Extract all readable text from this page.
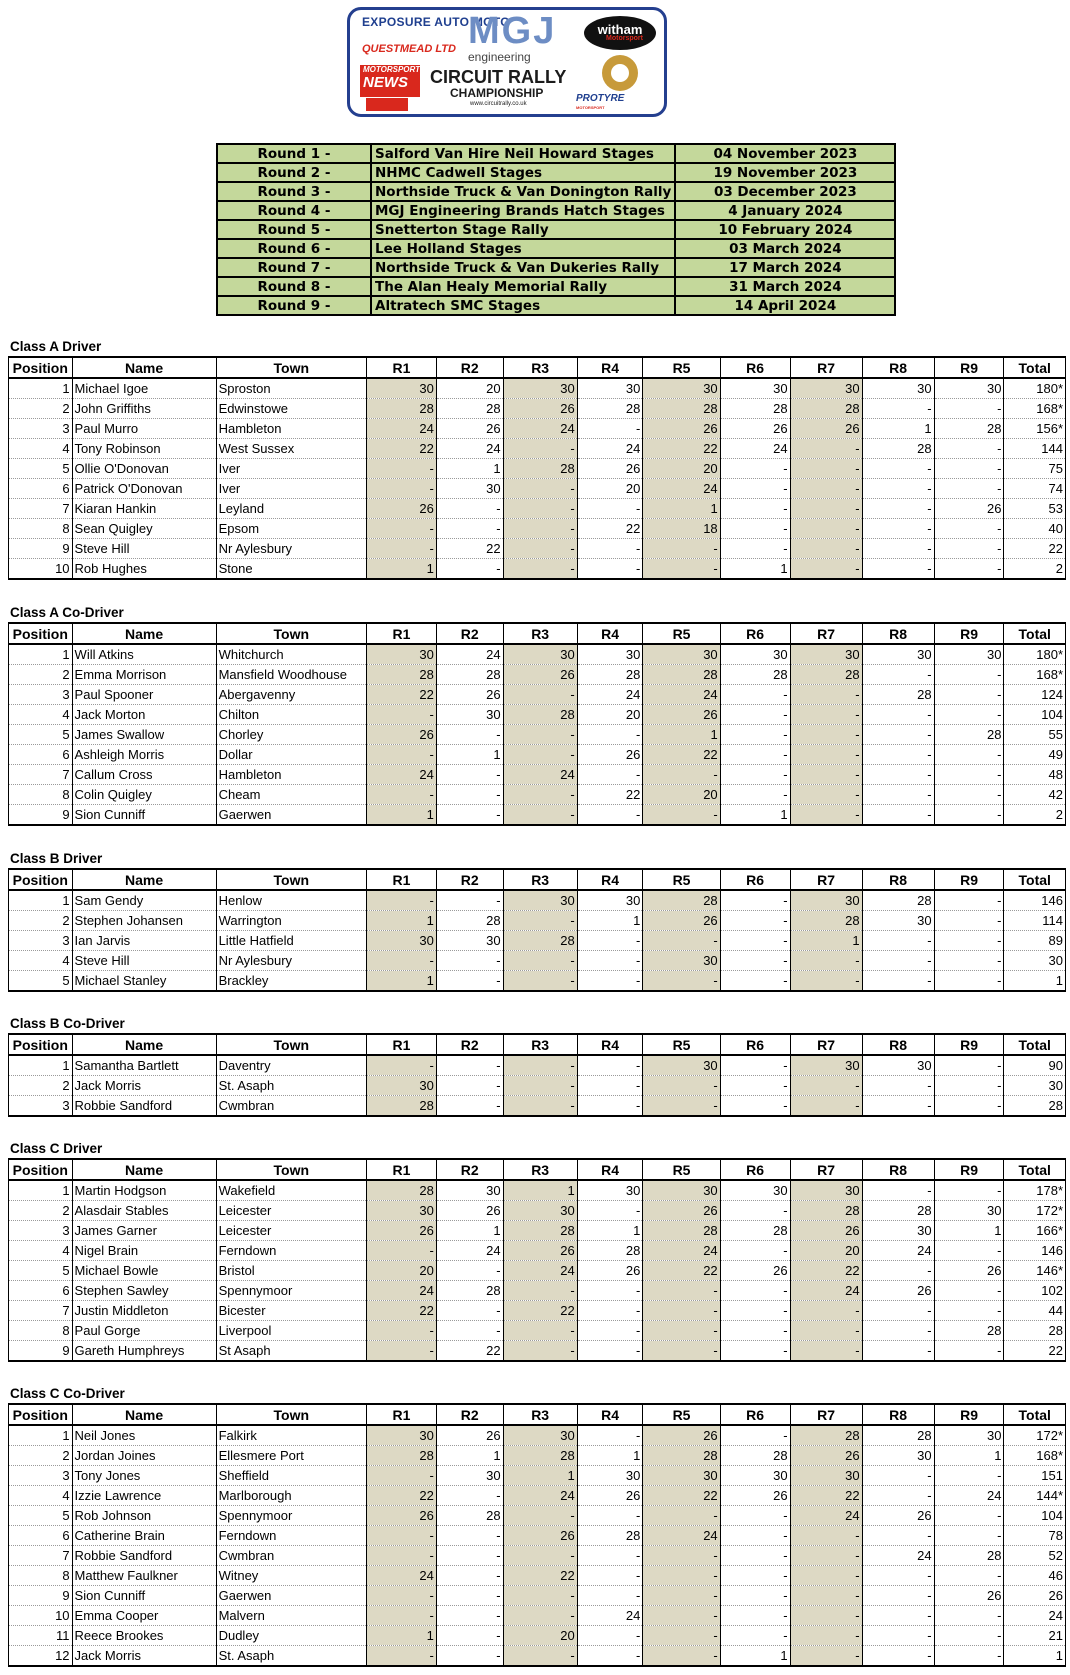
EXPOSURE AUTO MOTO
QUESTMEAD LTD
MOTORSPORT
NEWS
MGJ
engineering
CIRCUIT RALLY
CHAMPIONSHIP
www.circuitrally.co.uk
witham
Motorsport
PROTYRE
MOTORSPORT
Round 1 -	Salford Van Hire Neil Howard Stages	04 November 2023
Round 2 -	NHMC Cadwell Stages	19 November 2023
Round 3 -	Northside Truck & Van Donington Rally	03 December 2023
Round 4 -	MGJ Engineering Brands Hatch Stages	4 January 2024
Round 5 -	Snetterton Stage Rally	10 February 2024
Round 6 -	Lee Holland Stages	03 March 2024
Round 7 -	Northside Truck & Van Dukeries Rally	17 March 2024
Round 8 -	The Alan Healy Memorial Rally	31 March 2024
Round 9 -	Altratech SMC Stages	14 April 2024
Class A Driver
Position	Name	Town	R1	R2	R3	R4	R5	R6	R7	R8	R9	Total
1	Michael Igoe	Sproston	30	20	30	30	30	30	30	30	30	180*
2	John Griffiths	Edwinstowe	28	28	26	28	28	28	28	-	-	168*
3	Paul Murro	Hambleton	24	26	24	-	26	26	26	1	28	156*
4	Tony Robinson	West Sussex	22	24	-	24	22	24	-	28	-	144
5	Ollie O'Donovan	Iver	-	1	28	26	20	-	-	-	-	75
6	Patrick O'Donovan	Iver	-	30	-	20	24	-	-	-	-	74
7	Kiaran Hankin	Leyland	26	-	-	-	1	-	-	-	26	53
8	Sean Quigley	Epsom	-	-	-	22	18	-	-	-	-	40
9	Steve Hill	Nr Aylesbury	-	22	-	-	-	-	-	-	-	22
10	Rob Hughes	Stone	1	-	-	-	-	1	-	-	-	2
Class A Co-Driver
Position	Name	Town	R1	R2	R3	R4	R5	R6	R7	R8	R9	Total
1	Will Atkins	Whitchurch	30	24	30	30	30	30	30	30	30	180*
2	Emma Morrison	Mansfield Woodhouse	28	28	26	28	28	28	28	-	-	168*
3	Paul Spooner	Abergavenny	22	26	-	24	24	-	-	28	-	124
4	Jack Morton	Chilton	-	30	28	20	26	-	-	-	-	104
5	James Swallow	Chorley	26	-	-	-	1	-	-	-	28	55
6	Ashleigh Morris	Dollar	-	1	-	26	22	-	-	-	-	49
7	Callum Cross	Hambleton	24	-	24	-	-	-	-	-	-	48
8	Colin Quigley	Cheam	-	-	-	22	20	-	-	-	-	42
9	Sion Cunniff	Gaerwen	1	-	-	-	-	1	-	-	-	2
Class B Driver
Position	Name	Town	R1	R2	R3	R4	R5	R6	R7	R8	R9	Total
1	Sam Gendy	Henlow	-	-	30	30	28	-	30	28	-	146
2	Stephen Johansen	Warrington	1	28	-	1	26	-	28	30	-	114
3	Ian Jarvis	Little Hatfield	30	30	28	-	-	-	1	-	-	89
4	Steve Hill	Nr Aylesbury	-	-	-	-	30	-	-	-	-	30
5	Michael Stanley	Brackley	1	-	-	-	-	-	-	-	-	1
Class B Co-Driver
Position	Name	Town	R1	R2	R3	R4	R5	R6	R7	R8	R9	Total
1	Samantha Bartlett	Daventry	-	-	-	-	30	-	30	30	-	90
2	Jack Morris	St. Asaph	30	-	-	-	-	-	-	-	-	30
3	Robbie Sandford	Cwmbran	28	-	-	-	-	-	-	-	-	28
Class C Driver
Position	Name	Town	R1	R2	R3	R4	R5	R6	R7	R8	R9	Total
1	Martin Hodgson	Wakefield	28	30	1	30	30	30	30	-	-	178*
2	Alasdair Stables	Leicester	30	26	30	-	26	-	28	28	30	172*
3	James Garner	Leicester	26	1	28	1	28	28	26	30	1	166*
4	Nigel Brain	Ferndown	-	24	26	28	24	-	20	24	-	146
5	Michael Bowle	Bristol	20	-	24	26	22	26	22	-	26	146*
6	Stephen Sawley	Spennymoor	24	28	-	-	-	-	24	26	-	102
7	Justin Middleton	Bicester	22	-	22	-	-	-	-	-	-	44
8	Paul Gorge	Liverpool	-	-	-	-	-	-	-	-	28	28
9	Gareth Humphreys	St Asaph	-	22	-	-	-	-	-	-	-	22
Class C Co-Driver
Position	Name	Town	R1	R2	R3	R4	R5	R6	R7	R8	R9	Total
1	Neil Jones	Falkirk	30	26	30	-	26	-	28	28	30	172*
2	Jordan Joines	Ellesmere Port	28	1	28	1	28	28	26	30	1	168*
3	Tony Jones	Sheffield	-	30	1	30	30	30	30	-	-	151
4	Izzie Lawrence	Marlborough	22	-	24	26	22	26	22	-	24	144*
5	Rob Johnson	Spennymoor	26	28	-	-	-	-	24	26	-	104
6	Catherine Brain	Ferndown	-	-	26	28	24	-	-	-	-	78
7	Robbie Sandford	Cwmbran	-	-	-	-	-	-	-	24	28	52
8	Matthew Faulkner	Witney	24	-	22	-	-	-	-	-	-	46
9	Sion Cunniff	Gaerwen	-	-	-	-	-	-	-	-	26	26
10	Emma Cooper	Malvern	-	-	-	24	-	-	-	-	-	24
11	Reece Brookes	Dudley	1	-	20	-	-	-	-	-	-	21
12	Jack Morris	St. Asaph	-	-	-	-	-	1	-	-	-	1
